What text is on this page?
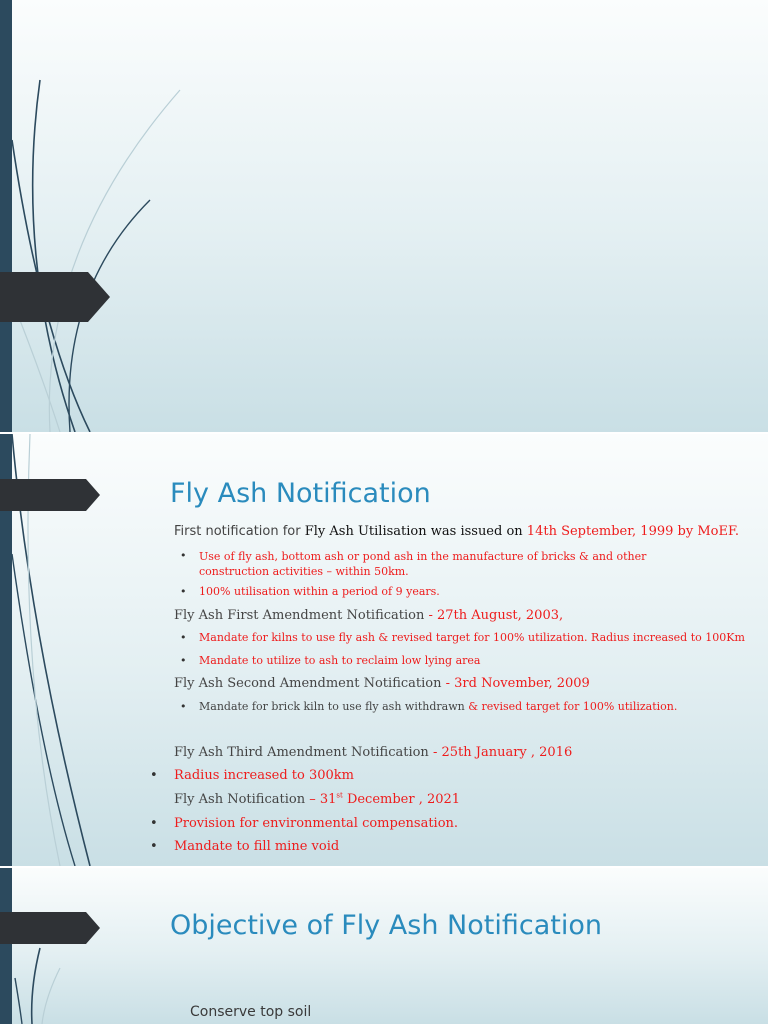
Fly Ash Notification
First notification for Fly Ash Utilisation was issued on 14th September, 1999 by MoEF.
• Use of fly ash, bottom ash or pond ash in the manufacture of bricks & and other construction activities – within 50km.
• 100% utilisation within a period of 9 years.
Fly Ash First Amendment Notification - 27th August, 2003,
• Mandate for kilns to use fly ash & revised target for 100% utilization. Radius increased to 100Km
• Mandate to utilize to ash to reclaim low lying area
Fly Ash Second Amendment Notification - 3rd November, 2009
• Mandate for brick kiln to use fly ash withdrawn & revised target for 100% utilization.
Fly Ash Third Amendment Notification - 25th January , 2016
• Radius increased to 300km
Fly Ash Notification – 31st December , 2021
• Provision for environmental compensation.
• Mandate to fill mine void
Objective of Fly Ash Notification
Conserve top soil
